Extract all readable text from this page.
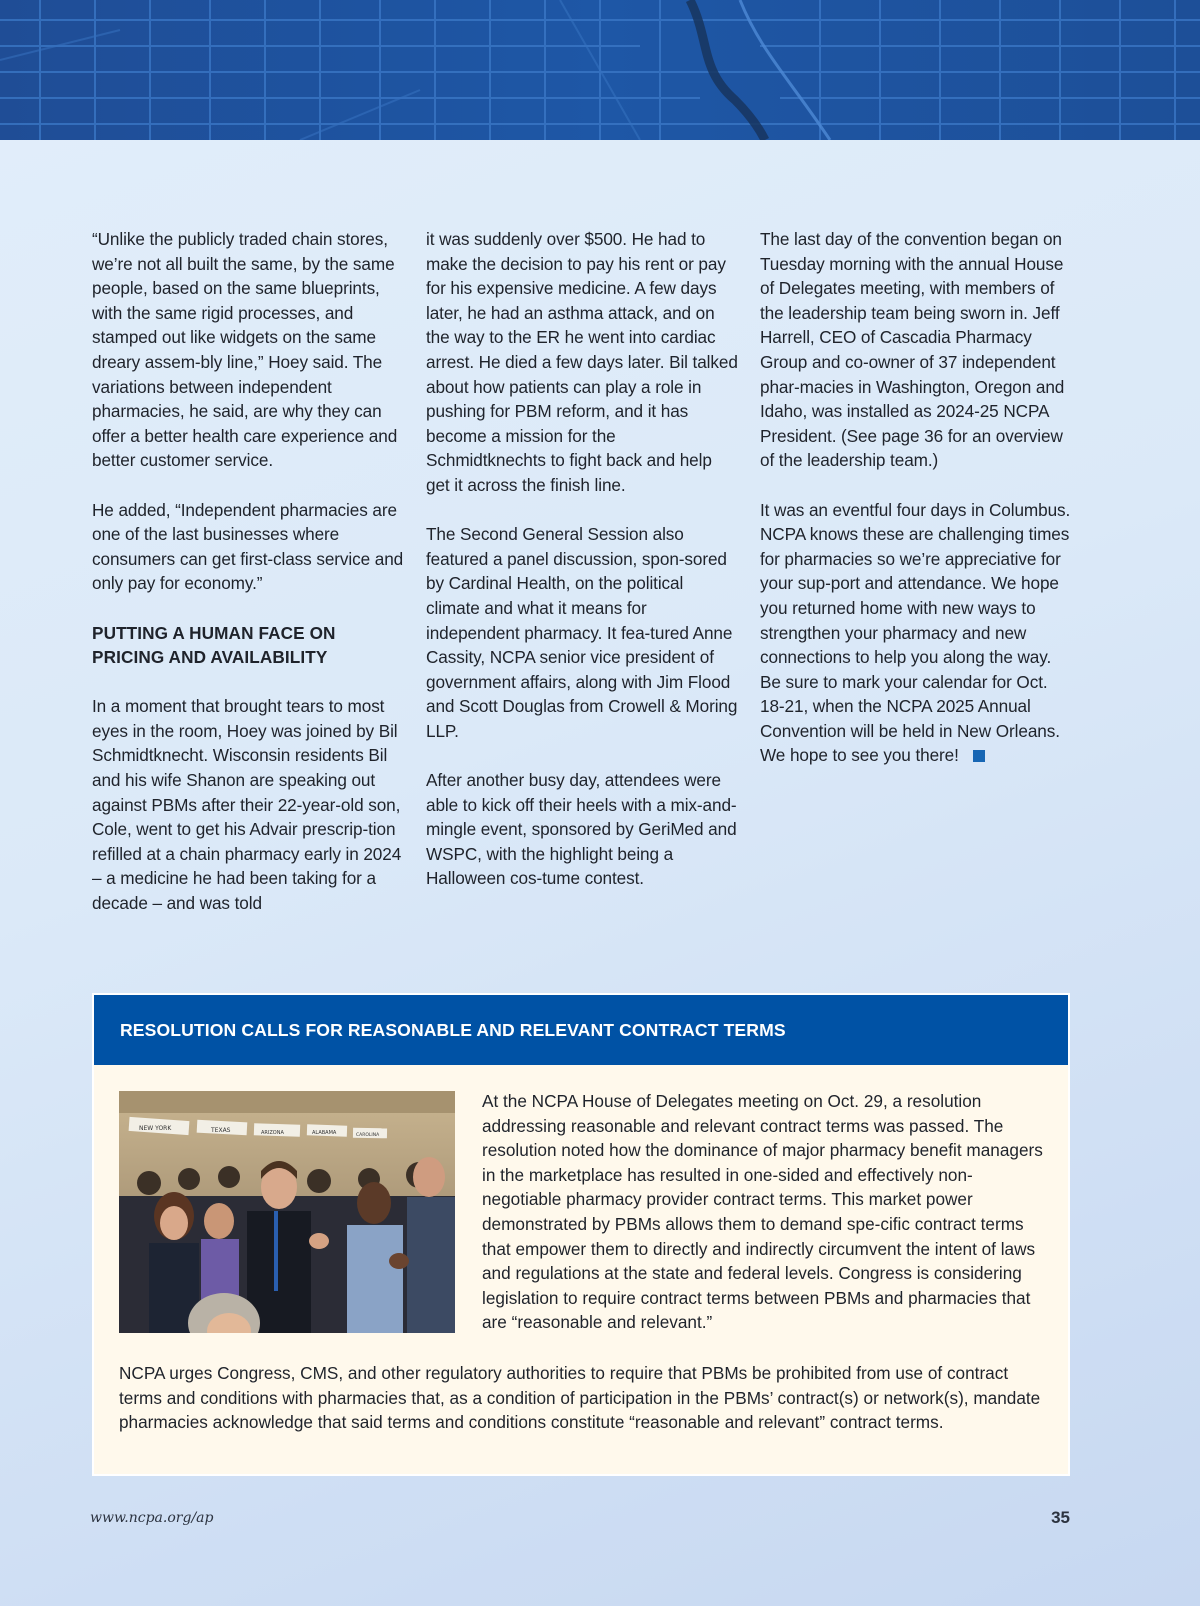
“Unlike the publicly traded chain stores, we’re not all built the same, by the same people, based on the same blueprints, with the same rigid processes, and stamped out like widgets on the same dreary assem-bly line,” Hoey said. The variations between independent pharmacies, he said, are why they can offer a better health care experience and better customer service.

He added, “Independent pharmacies are one of the last businesses where consumers can get first-class service and only pay for economy.”

PUTTING A HUMAN FACE ON PRICING AND AVAILABILITY

In a moment that brought tears to most eyes in the room, Hoey was joined by Bil Schmidtknecht. Wisconsin residents Bil and his wife Shanon are speaking out against PBMs after their 22-year-old son, Cole, went to get his Advair prescrip-tion refilled at a chain pharmacy early in 2024 – a medicine he had been taking for a decade – and was told

it was suddenly over $500. He had to make the decision to pay his rent or pay for his expensive medicine. A few days later, he had an asthma attack, and on the way to the ER he went into cardiac arrest. He died a few days later. Bil talked about how patients can play a role in pushing for PBM reform, and it has become a mission for the Schmidtknechts to fight back and help get it across the finish line.

The Second General Session also featured a panel discussion, spon-sored by Cardinal Health, on the political climate and what it means for independent pharmacy. It fea-tured Anne Cassity, NCPA senior vice president of government affairs, along with Jim Flood and Scott Douglas from Crowell & Moring LLP.

After another busy day, attendees were able to kick off their heels with a mix-and-mingle event, sponsored by GeriMed and WSPC, with the highlight being a Halloween cos-tume contest.

The last day of the convention began on Tuesday morning with the annual House of Delegates meeting, with members of the leadership team being sworn in. Jeff Harrell, CEO of Cascadia Pharmacy Group and co-owner of 37 independent phar-macies in Washington, Oregon and Idaho, was installed as 2024-25 NCPA President. (See page 36 for an overview of the leadership team.)

It was an eventful four days in Columbus. NCPA knows these are challenging times for pharmacies so we’re appreciative for your sup-port and attendance. We hope you returned home with new ways to strengthen your pharmacy and new connections to help you along the way. Be sure to mark your calendar for Oct. 18-21, when the NCPA 2025 Annual Convention will be held in New Orleans. We hope to see you there!

RESOLUTION CALLS FOR REASONABLE AND RELEVANT CONTRACT TERMS
NEW YORK	TEXAS	ARIZONA	ALABAMA	CAROLINA
At the NCPA House of Delegates meeting on Oct. 29, a resolution addressing reasonable and relevant contract terms was passed. The resolution noted how the dominance of major pharmacy benefit managers in the marketplace has resulted in one-sided and effectively non-negotiable pharmacy provider contract terms. This market power demonstrated by PBMs allows them to demand spe-cific contract terms that empower them to directly and indirectly circumvent the intent of laws and regulations at the state and federal levels. Congress is considering legislation to require contract terms between PBMs and pharmacies that are “reasonable and relevant.”
NCPA urges Congress, CMS, and other regulatory authorities to require that PBMs be prohibited from use of contract terms and conditions with pharmacies that, as a condition of participation in the PBMs’ contract(s) or network(s), mandate pharmacies acknowledge that said terms and conditions constitute “reasonable and relevant” contract terms.
www.ncpa.org/ap	35
